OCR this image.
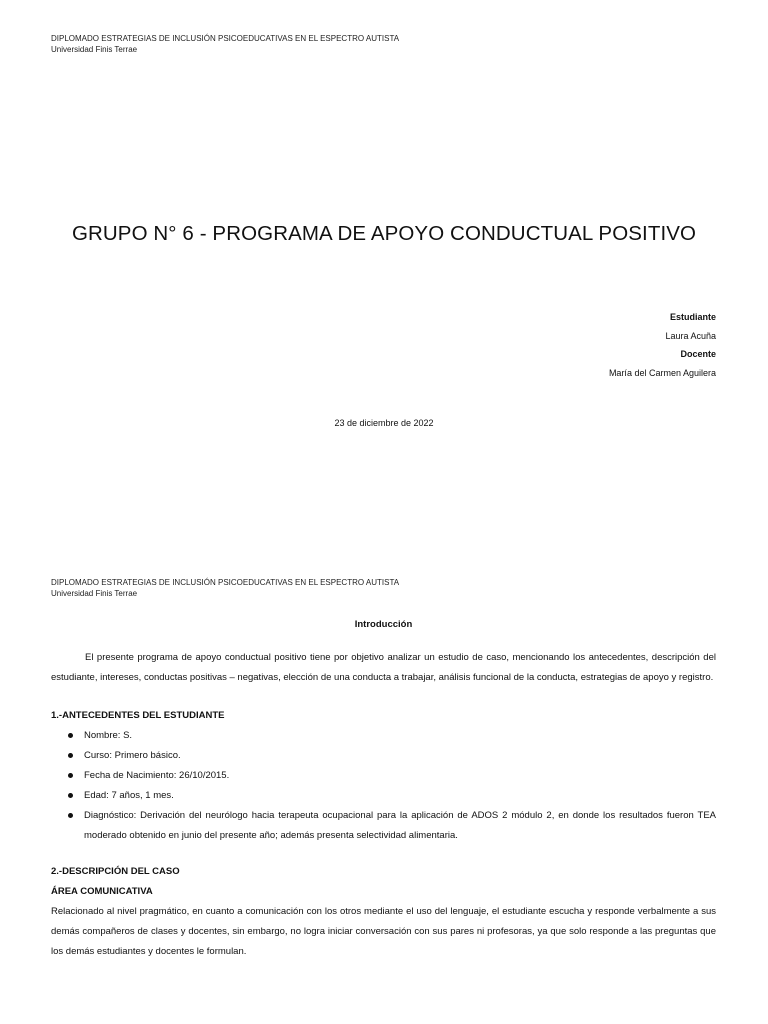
DIPLOMADO ESTRATEGIAS DE INCLUSIÓN PSICOEDUCATIVAS EN EL ESPECTRO AUTISTA
Universidad Finis Terrae
GRUPO N° 6 - PROGRAMA DE APOYO CONDUCTUAL POSITIVO
Estudiante
Laura Acuña
Docente
María del Carmen Aguilera
23 de diciembre de 2022
DIPLOMADO ESTRATEGIAS DE INCLUSIÓN PSICOEDUCATIVAS EN EL ESPECTRO AUTISTA
Universidad Finis Terrae
Introducción

El presente programa de apoyo conductual positivo tiene por objetivo analizar un estudio de caso, mencionando los antecedentes, descripción del estudiante, intereses, conductas positivas – negativas, elección de una conducta a trabajar, análisis funcional de la conducta, estrategias de apoyo y registro.

1.-ANTECEDENTES DEL ESTUDIANTE

Nombre: S.
Curso: Primero básico.
Fecha de Nacimiento: 26/10/2015.
Edad: 7 años, 1 mes.
Diagnóstico: Derivación del neurólogo hacia terapeuta ocupacional para la aplicación de ADOS 2 módulo 2, en donde los resultados fueron TEA moderado obtenido en junio del presente año; además presenta selectividad alimentaria.

2.-DESCRIPCIÓN DEL CASO

ÁREA COMUNICATIVA

Relacionado al nivel pragmático, en cuanto a comunicación con los otros mediante el uso del lenguaje, el estudiante escucha y responde verbalmente a sus demás compañeros de clases y docentes, sin embargo, no logra iniciar conversación con sus pares ni profesoras, ya que solo responde a las preguntas que los demás estudiantes y docentes le formulan.
